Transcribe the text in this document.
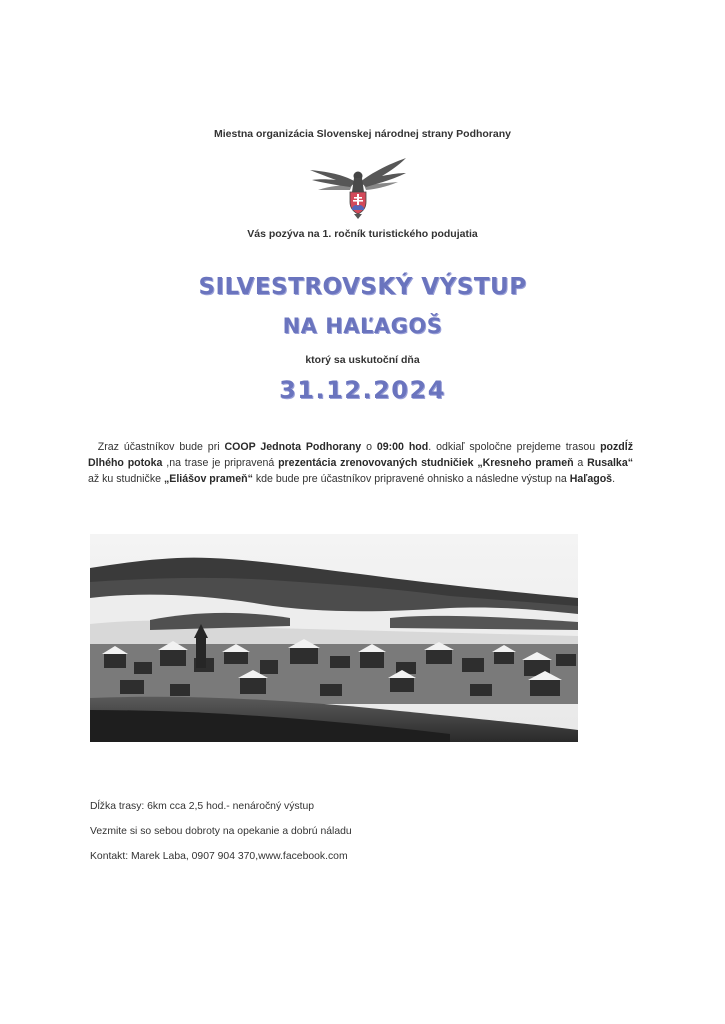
Miestna organizácia Slovenskej národnej strany Podhorany
Vás pozýva na 1. ročník turistického podujatia
SILVESTROVSKÝ VÝSTUP
NA HAĽAGOŠ
ktorý sa uskutoční dňa
31.12.2024
Zraz účastníkov bude pri COOP Jednota Podhorany o 09:00 hod. odkiaľ spoločne prejdeme trasou pozdĺž Dlhého potoka ,na trase je pripravená prezentácia zrenovovaných studničiek „Kresneho prameň a Rusalka“ až ku studničke „Eliášov prameň“ kde bude pre účastníkov pripravené ohnisko a následne výstup na Haľagoš.
Dĺžka trasy: 6km cca 2,5 hod.- nenáročný výstup
Vezmite si so sebou dobroty na opekanie a dobrú náladu
Kontakt: Marek Laba, 0907 904 370,www.facebook.com
